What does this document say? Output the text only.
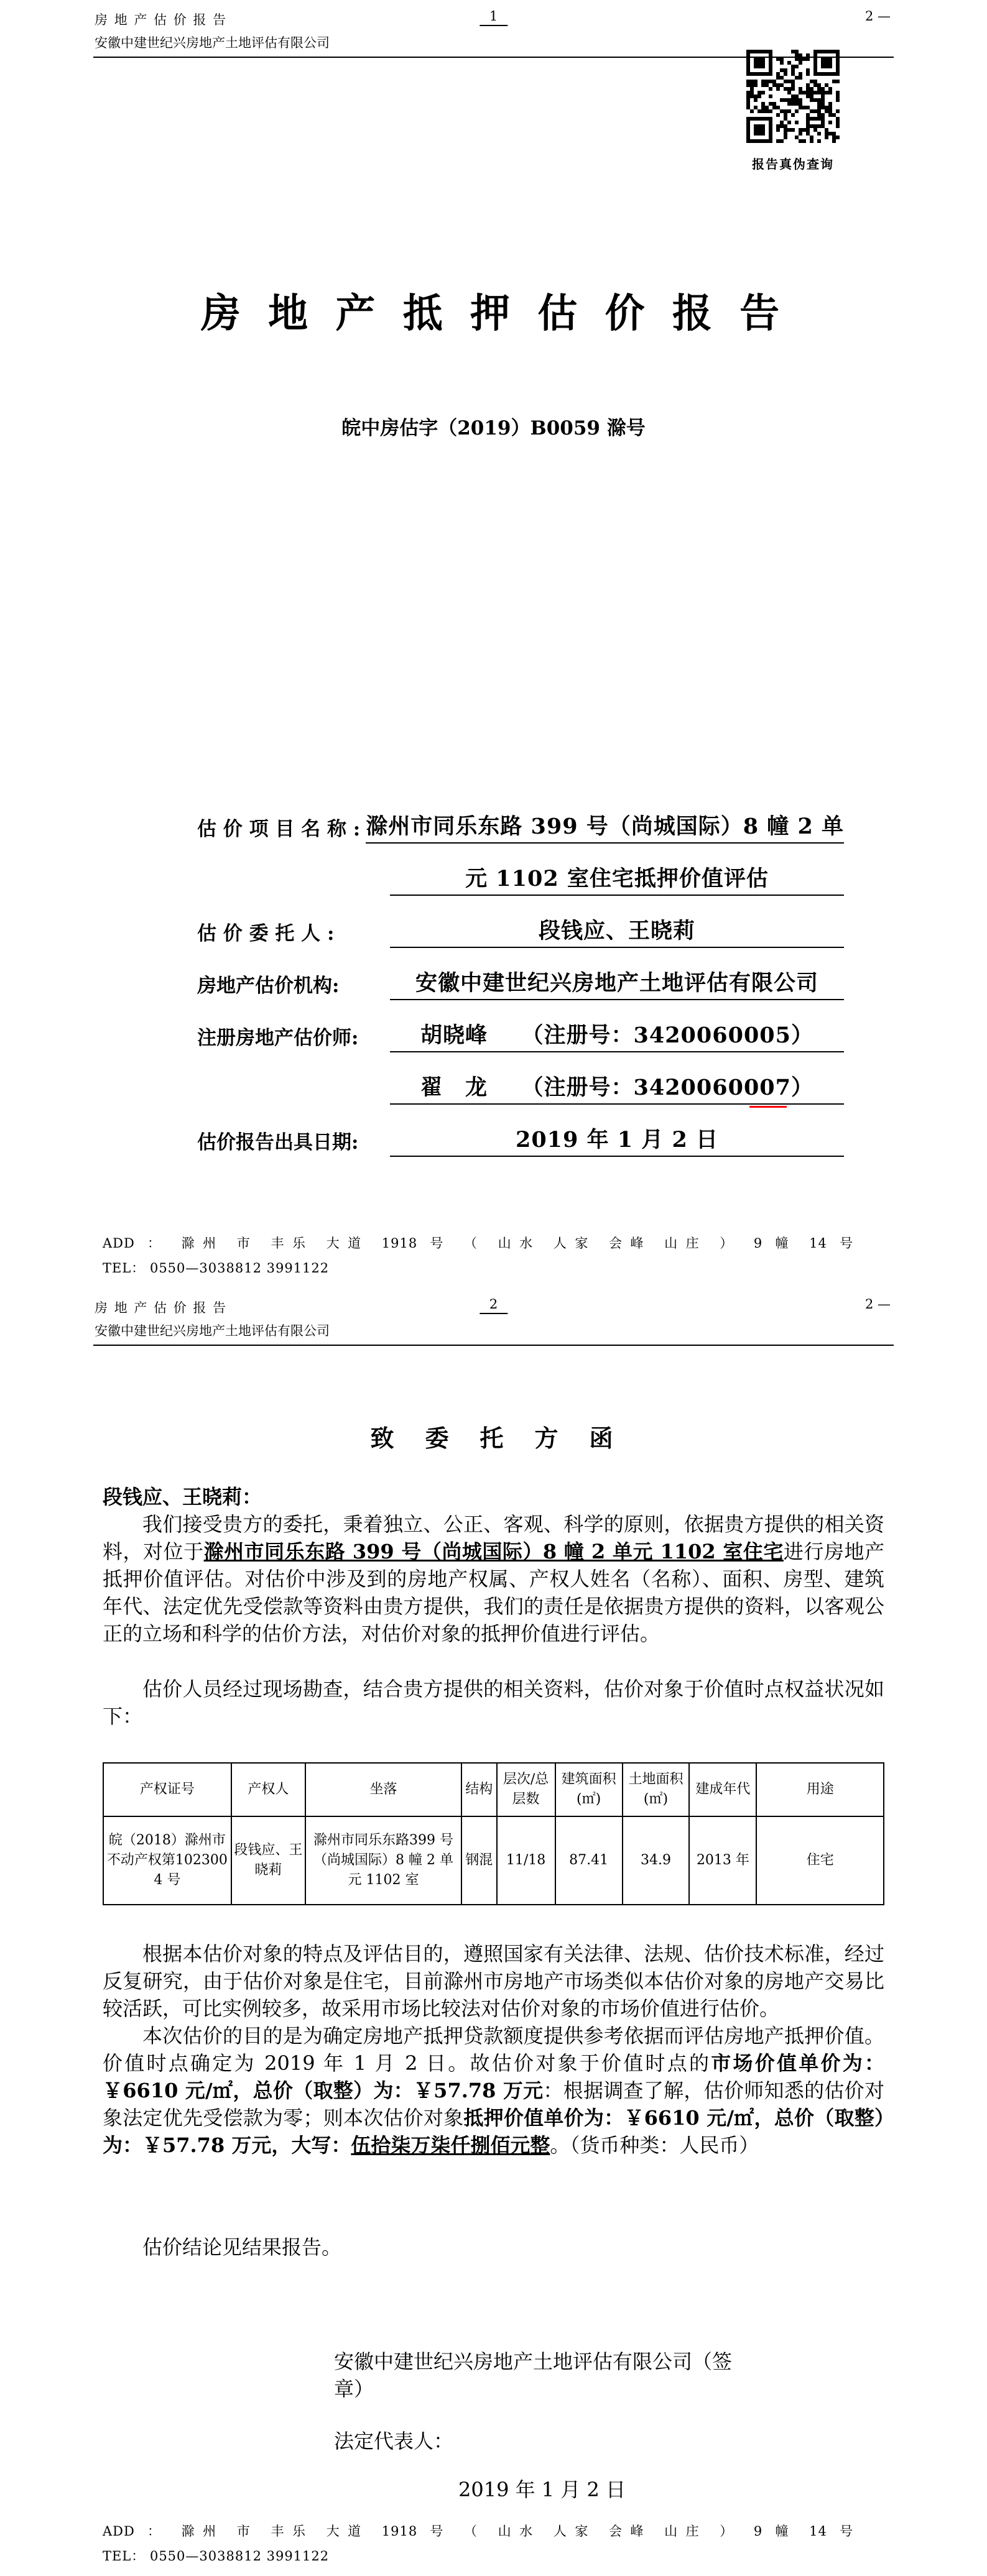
房 地 产 估 价 报 告
安徽中建世纪兴房地产土地评估有限公司
1	2 —
报告真伪查询
房 地 产 抵 押 估 价 报 告
皖中房估字（2019）B0059 滁号
估 价 项 目 名 称 : 滁州市同乐东路 399 号（尚城国际）8 幢 2 单
元 1102 室住宅抵押价值评估
估 价 委 托 人 :	段钱应、王晓莉
房地产估价机构:	安徽中建世纪兴房地产土地评估有限公司
注册房地产估价师:	胡晓峰　　（注册号：3420060005）
翟　龙　　（注册号：3420060007）
估价报告出具日期:	2019 年 1 月 2 日
ADD ： 滁州 市 丰乐 大道 1918 号 （ 山水 人家 会峰 山庄 ） 9 幢 14 号
TEL： 0550—3038812 3991122
房 地 产 估 价 报 告
安徽中建世纪兴房地产土地评估有限公司
2	2 —
致　委　托　方　函
段钱应、王晓莉：

我们接受贵方的委托，秉着独立、公正、客观、科学的原则，依据贵方提供的相关资料，对位于滁州市同乐东路 399 号（尚城国际）8 幢 2 单元 1102 室住宅进行房地产抵押价值评估。对估价中涉及到的房地产权属、产权人姓名（名称）、面积、房型、建筑年代、法定优先受偿款等资料由贵方提供，我们的责任是依据贵方提供的资料，以客观公正的立场和科学的估价方法，对估价对象的抵押价值进行评估。

估价人员经过现场勘查，结合贵方提供的相关资料，估价对象于价值时点权益状况如下：

产权证号	产权人	坐落	结构	层次/总层数	建筑面积(㎡)	土地面积(㎡)	建成年代	用途
皖（2018）滁州市不动产权第1023004 号	段钱应、王晓莉	滁州市同乐东路399 号（尚城国际）8 幢 2 单元 1102 室	钢混	11/18	87.41	34.9	2013 年	住宅

根据本估价对象的特点及评估目的，遵照国家有关法律、法规、估价技术标准，经过反复研究，由于估价对象是住宅，目前滁州市房地产市场类似本估价对象的房地产交易比较活跃，可比实例较多，故采用市场比较法对估价对象的市场价值进行估价。

本次估价的目的是为确定房地产抵押贷款额度提供参考依据而评估房地产抵押价值。价值时点确定为 2019 年 1 月 2 日。故估价对象于价值时点的市场价值单价为：￥6610 元/㎡，总价（取整）为：￥57.78 万元：根据调查了解，估价师知悉的估价对象法定优先受偿款为零；则本次估价对象抵押价值单价为：￥6610 元/㎡，总价（取整）为：￥57.78 万元，大写：伍拾柒万柒仟捌佰元整。（货币种类：人民币）

估价结论见结果报告。

安徽中建世纪兴房地产土地评估有限公司（签章）
法定代表人：
2019 年 1 月 2 日
ADD ： 滁州 市 丰乐 大道 1918 号 （ 山水 人家 会峰 山庄 ） 9 幢 14 号
TEL： 0550—3038812 3991122
